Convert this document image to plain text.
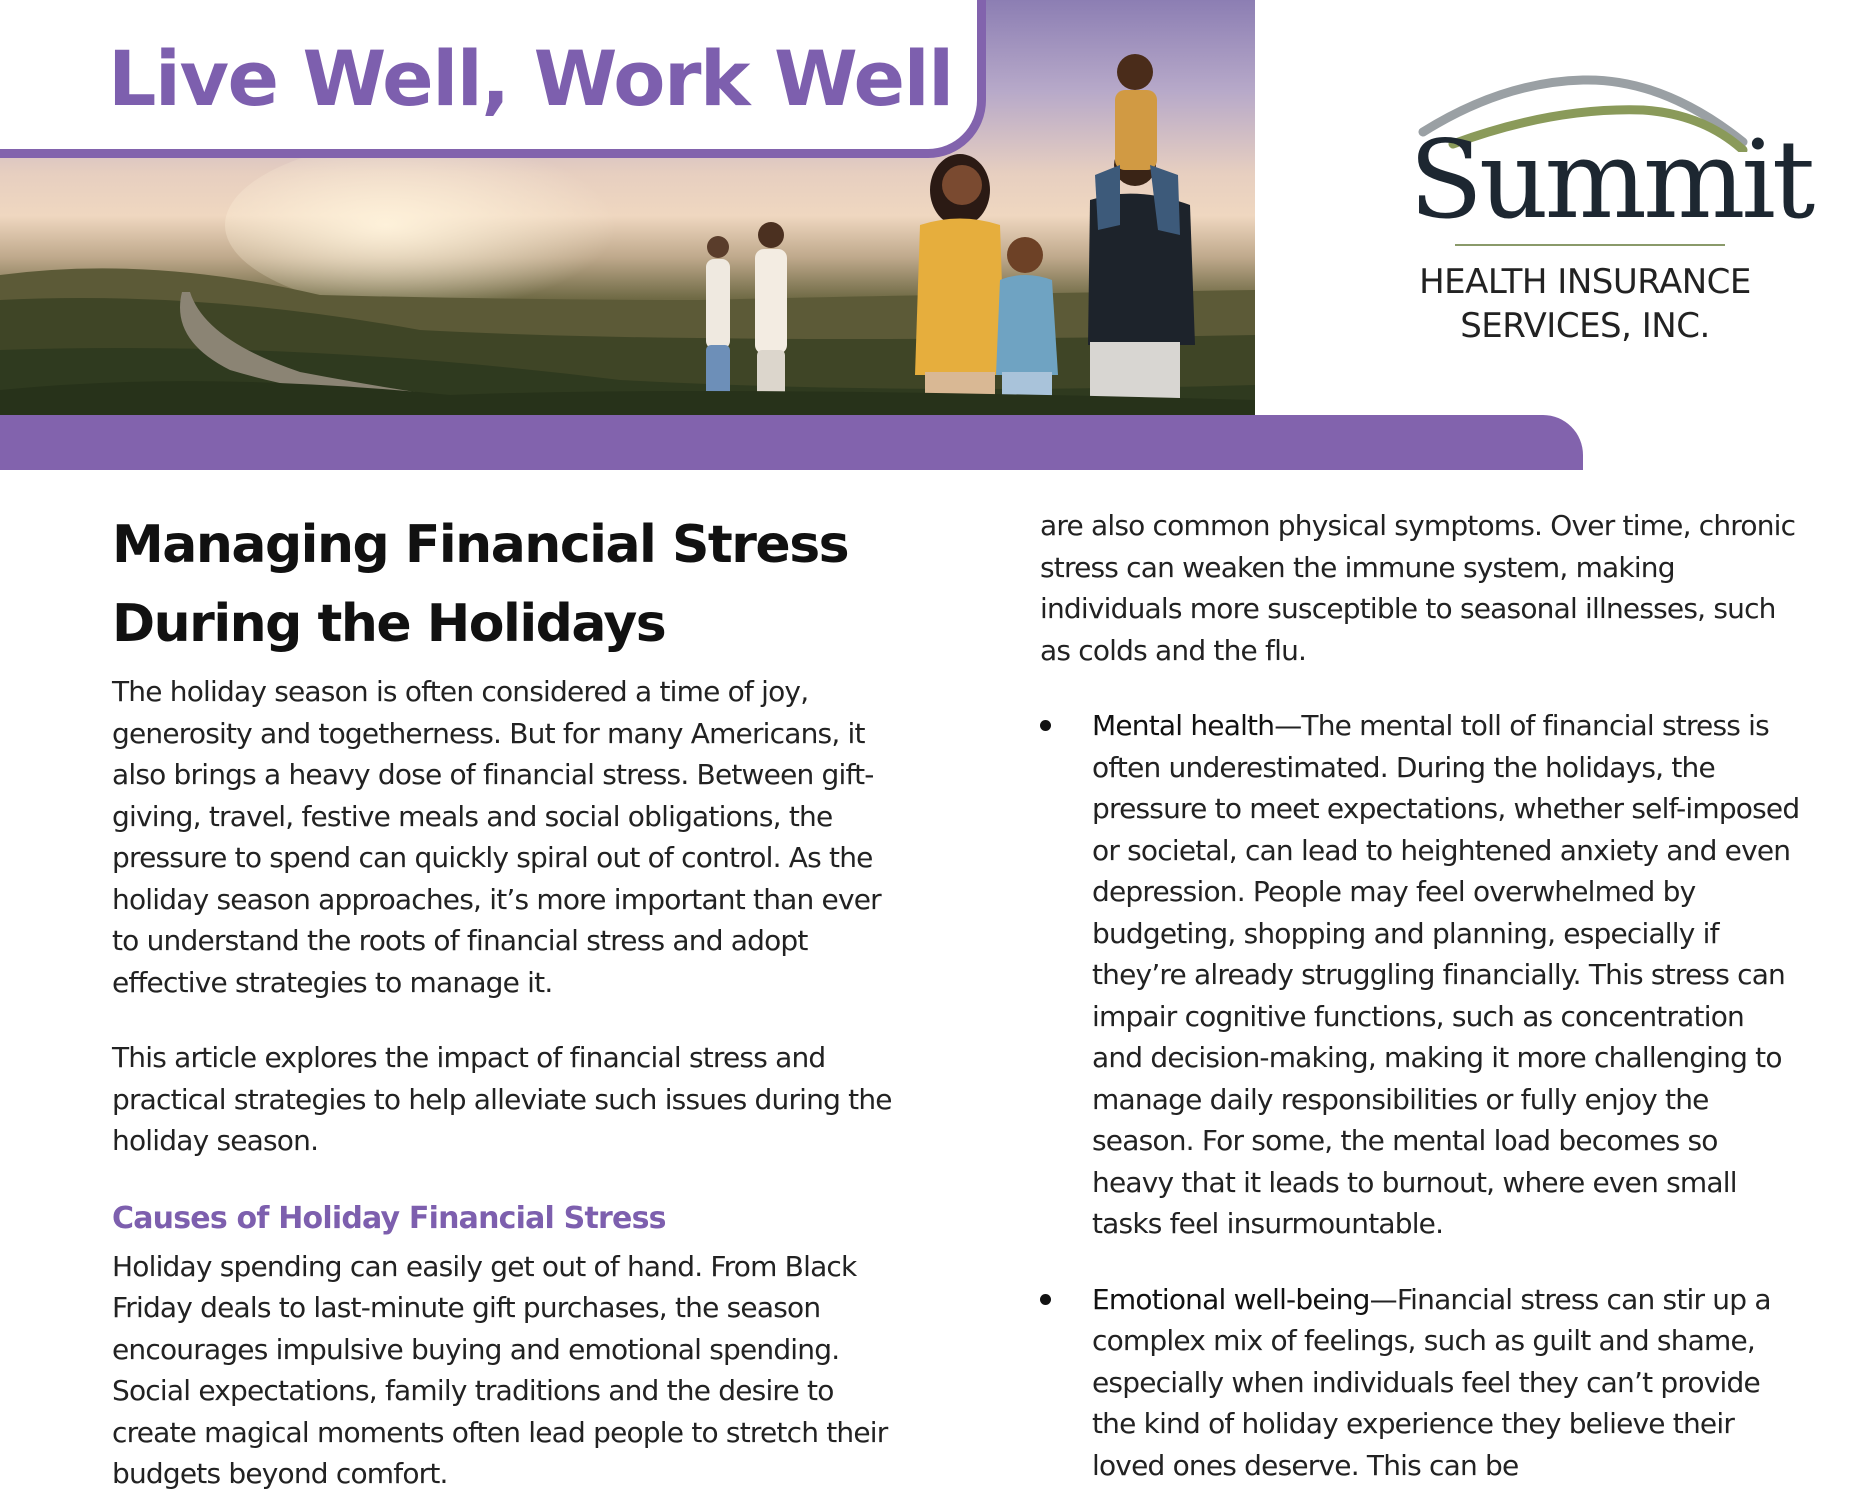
Live Well, Work Well
Summit
HEALTH INSURANCE
SERVICES, INC.
Managing Financial Stress During the Holidays

The holiday season is often considered a time of joy, generosity and togetherness. But for many Americans, it also brings a heavy dose of financial stress. Between gift-giving, travel, festive meals and social obligations, the pressure to spend can quickly spiral out of control. As the holiday season approaches, it’s more important than ever to understand the roots of financial stress and adopt effective strategies to manage it.

This article explores the impact of financial stress and practical strategies to help alleviate such issues during the holiday season.

Causes of Holiday Financial Stress

Holiday spending can easily get out of hand. From Black Friday deals to last-minute gift purchases, the season encourages impulsive buying and emotional spending. Social expectations, family traditions and the desire to create magical moments often lead people to stretch their budgets beyond comfort.

are also common physical symptoms. Over time, chronic stress can weaken the immune system, making individuals more susceptible to seasonal illnesses, such as colds and the flu.

Mental health—The mental toll of financial stress is often underestimated. During the holidays, the pressure to meet expectations, whether self-imposed or societal, can lead to heightened anxiety and even depression. People may feel overwhelmed by budgeting, shopping and planning, especially if they’re already struggling financially. This stress can impair cognitive functions, such as concentration and decision-making, making it more challenging to manage daily responsibilities or fully enjoy the season. For some, the mental load becomes so heavy that it leads to burnout, where even small tasks feel insurmountable.
Emotional well-being—Financial stress can stir up a complex mix of feelings, such as guilt and shame, especially when individuals feel they can’t provide the kind of holiday experience they believe their loved ones deserve. This can be
